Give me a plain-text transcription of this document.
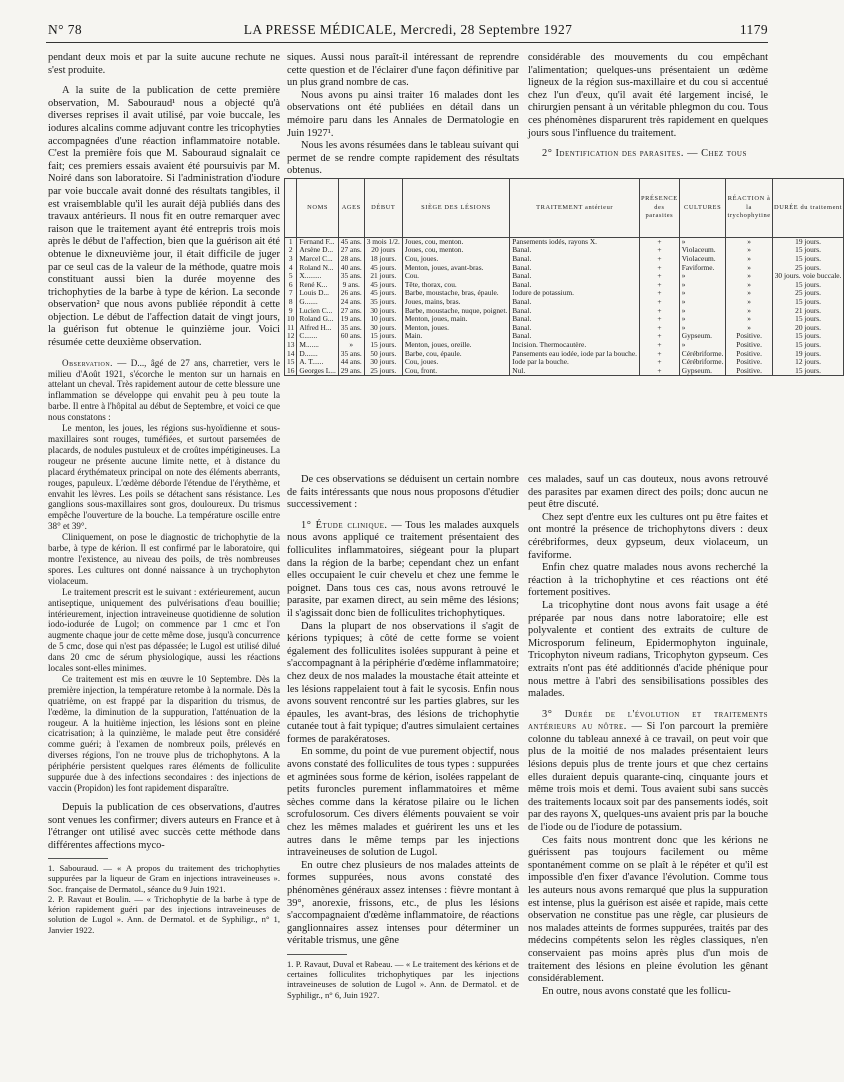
N° 78	LA PRESSE MÉDICALE, Mercredi, 28 Septembre 1927	1179

pendant deux mois et par la suite aucune rechute ne s'est produite.

A la suite de la publication de cette première observation, M. Sabouraud¹ nous a objecté qu'à diverses reprises il avait utilisé, par voie buccale, les iodures alcalins comme adjuvant contre les tricophyties accompagnées d'une réaction inflammatoire notable. C'est la première fois que M. Sabouraud signalait ce fait; ces premiers essais avaient été poursuivis par M. Noiré dans son laboratoire. Si l'administration d'iodure par voie buccale avait donné des résultats tangibles, il est vraisemblable qu'il les aurait déjà publiés dans des travaux antérieurs. Il nous fit en outre remarquer avec raison que le traitement ayant été entrepris trois mois après le début de l'affection, bien que la guérison ait été obtenue le dixneuvième jour, il était difficile de juger par ce seul cas de la valeur de la méthode, quatre mois constituant aussi bien la durée moyenne des trichophyties de la barbe à type de kérion. La seconde observation² que nous avons publiée répondit à cette objection. Le début de l'affection datait de vingt jours, la guérison fut obtenue le quinzième jour. Voici résumée cette deuxième observation.

Observation. — D..., âgé de 27 ans, charretier, vers le milieu d'Août 1921, s'écorche le menton sur un harnais en attelant un cheval. Très rapidement autour de cette blessure une inflammation se développe qui envahit peu à peu toute la barbe. Il entre à l'hôpital au début de Septembre, et voici ce que nous constatons :

Le menton, les joues, les régions sus-hyoïdienne et sous-maxillaires sont rouges, tuméfiées, et surtout parsemées de placards, de nodules pustuleux et de croûtes impétigineuses. La rougeur ne présente aucune limite nette, et à distance du placard érythémateux principal on note des éléments aberrants, rouges, papuleux. L'œdème déborde l'étendue de l'érythème, et envahit les lèvres. Les poils se détachent sans résistance. Les ganglions sous-maxillaires sont gros, douloureux. Du trismus empêche l'ouverture de la bouche. La température oscille entre 38° et 39°.

Cliniquement, on pose le diagnostic de trichophytie de la barbe, à type de kérion. Il est confirmé par le laboratoire, qui montre l'existence, au niveau des poils, de très nombreuses spores. Les cultures ont donné naissance à un trychophyton violaceum.

Le traitement prescrit est le suivant : extérieurement, aucun antiseptique, uniquement des pulvérisations d'eau bouillie; intérieurement, injection intraveineuse quotidienne de solution iodo-iodurée de Lugol; on commence par 1 cmc et l'on augmente chaque jour de cette même dose, jusqu'à concurrence de 5 cmc, dose qui n'est pas dépassée; le Lugol est utilisé dilué dans 20 cmc de sérum physiologique, aussi les réactions locales sont-elles minimes.

Ce traitement est mis en œuvre le 10 Septembre. Dès la première injection, la température retombe à la normale. Dès la quatrième, on est frappé par la disparition du trismus, de l'œdème, la diminution de la suppuration, l'atténuation de la rougeur. A la huitième injection, les lésions sont en pleine cicatrisation; à la quinzième, le malade peut être considéré comme guéri; à l'examen de nombreux poils, prélevés en diverses régions, l'on ne trouve plus de trichophytons. A la périphérie persistent quelques rares éléments de folliculite suppurée due à des infections secondaires : des injections de vaccin (Propidon) les font rapidement disparaître.

Depuis la publication de ces observations, d'autres sont venues les confirmer; divers auteurs en France et à l'étranger ont utilisé avec succès cette méthode dans différentes affections myco-

1. Sabouraud. — « A propos du traitement des trichophyties suppurées par la liqueur de Gram en injections intraveineuses ». Soc. française de Dermatol., séance du 9 Juin 1921.

2. P. Ravaut et Boulin. — « Trichophytie de la barbe à type de kérion rapidement guéri par des injections intraveineuses de solution de Lugol ». Ann. de Dermatol. et de Syphiligr., n° 1, Janvier 1922.

siques. Aussi nous paraît-il intéressant de reprendre cette question et de l'éclairer d'une façon définitive par un plus grand nombre de cas.

Nous avons pu ainsi traiter 16 malades dont les observations ont été publiées en détail dans un mémoire paru dans les Annales de Dermatologie en Juin 1927¹.

Nous les avons résumées dans le tableau suivant qui permet de se rendre compte rapidement des résultats obtenus.

considérable des mouvements du cou empêchant l'alimentation; quelques-uns présentaient un œdème ligneux de la région sus-maxillaire et du cou si accentué chez l'un d'eux, qu'il avait été largement incisé, le chirurgien pensant à un véritable phlegmon du cou. Tous ces phénomènes disparurent très rapidement en quelques jours sous l'influence du traitement.

2° Identification des parasites. — Chez tous

	NOMS	AGES	DÉBUT	SIÈGE DES LÉSIONS	TRAITEMENT antérieur	PRÉSENCE des parasites	CULTURES	RÉACTION à la trychophytine	DURÉE du traitement
1	Fernand F...	45 ans.	3 mois 1/2.	Joues, cou, menton.	Pansements iodés, rayons X.	+	»	»	19 jours.
2	Arsène D...	27 ans.	20 jours	Joues, cou, menton.	Banal.	+	Violaceum.	»	15 jours.
3	Marcel C...	28 ans.	18 jours.	Cou, joues.	Banal.	+	Violaceum.	»	15 jours.
4	Roland N...	40 ans.	45 jours.	Menton, joues, avant-bras.	Banal.	+	Faviforme.	»	25 jours.
5	X.........	35 ans.	21 jours.	Cou.	Banal.	+	»	»	30 jours. voie buccale.
6	René K...	9 ans.	45 jours.	Tête, thorax, cou.	Banal.	+	»	»	15 jours.
7	Louis D...	26 ans.	45 jours.	Barbe, moustache, bras, épaule.	Iodure de potassium.	+	»	»	25 jours.
8	G.......	24 ans.	35 jours.	Joues, mains, bras.	Banal.	+	»	»	15 jours.
9	Lucien C...	27 ans.	30 jours.	Barbe, moustache, nuque, poignet.	Banal.	+	»	»	21 jours.
10	Roland G...	19 ans.	10 jours.	Menton, joues, main.	Banal.	+	»	»	15 jours.
11	Alfred H...	35 ans.	30 jours.	Menton, joues.	Banal.	+	»	»	20 jours.
12	C.......	60 ans.	15 jours.	Main.	Banal.	+	Gypseum.	Positive.	15 jours.
13	M.......	»	15 jours.	Menton, joues, oreille.	Incision. Thermocautère.	+	»	Positive.	15 jours.
14	D.......	35 ans.	50 jours.	Barbe, cou, épaule.	Pansements eau iodée, iode par la bouche.	+	Cérébriforme.	Positive.	19 jours.
15	A. T......	44 ans.	30 jours.	Cou, joues.	Iode par la bouche.	+	Cérébriforme.	Positive.	12 jours.
16	Georges L...	29 ans.	25 jours.	Cou, front.	Nul.	+	Gypseum.	Positive.	15 jours.

De ces observations se déduisent un certain nombre de faits intéressants que nous nous proposons d'étudier successivement :

1° Étude clinique. — Tous les malades auxquels nous avons appliqué ce traitement présentaient des folliculites inflammatoires, siégeant pour la plupart dans la région de la barbe; cependant chez un enfant elles occupaient le cuir chevelu et chez une femme le poignet. Dans tous ces cas, nous avons retrouvé le parasite, par examen direct, au sein même des lésions; il s'agissait donc bien de folliculites trichophytiques.

Dans la plupart de nos observations il s'agit de kérions typiques; à côté de cette forme se voient également des folliculites isolées suppurant à peine et s'accompagnant à la périphérie d'œdème inflammatoire; chez deux de nos malades la moustache était atteinte et les lésions rappelaient tout à fait le sycosis. Enfin nous avons souvent rencontré sur les parties glabres, sur les épaules, les avant-bras, des lésions de trichophytie cutanée tout à fait typique; d'autres simulaient certaines formes de parakératoses.

En somme, du point de vue purement objectif, nous avons constaté des folliculites de tous types : suppurées et agminées sous forme de kérion, isolées rappelant de petits furoncles purement inflammatoires et même sèches comme dans la kératose pilaire ou le lichen scrofulosorum. Ces divers éléments pouvaient se voir chez les mêmes malades et guérirent les uns et les autres dans le même temps par les injections intraveineuses de solution de Lugol.

En outre chez plusieurs de nos malades atteints de formes suppurées, nous avons constaté des phénomènes généraux assez intenses : fièvre montant à 39°, anorexie, frissons, etc., de plus les lésions s'accompagnaient d'œdème inflammatoire, de réactions ganglionnaires assez intenses pour déterminer un véritable trismus, une gêne

1. P. Ravaut, Duval et Rabeau. — « Le traitement des kérions et de certaines folliculites trichophytiques par les injections intraveineuses de solution de Lugol ». Ann. de Dermatol. et de Syphiligr., n° 6, Juin 1927.

ces malades, sauf un cas douteux, nous avons retrouvé des parasites par examen direct des poils; donc aucun ne peut être discuté.

Chez sept d'entre eux les cultures ont pu être faites et ont montré la présence de trichophytons divers : deux cérébriformes, deux gypseum, deux violaceum, un faviforme.

Enfin chez quatre malades nous avons recherché la réaction à la trichophytine et ces réactions ont été fortement positives.

La tricophytine dont nous avons fait usage a été préparée par nous dans notre laboratoire; elle est polyvalente et contient des extraits de culture de Microsporum felineum, Epidermophyton inguinale, Tricophyton niveum radians, Tricophyton gypseum. Ces extraits n'ont pas été additionnés d'acide phénique pour nous mettre à l'abri des sensibilisations possibles des malades.

3° Durée de l'évolution et traitements antérieurs au nôtre. — Si l'on parcourt la première colonne du tableau annexé à ce travail, on peut voir que plus de la moitié de nos malades présentaient leurs lésions depuis plus de trente jours et que chez certains elles duraient depuis quarante-cinq, cinquante jours et même trois mois et demi. Tous avaient subi sans succès des traitements locaux soit par des pansements iodés, soit par des rayons X, quelques-uns avaient pris par la bouche de l'iode ou de l'iodure de potassium.

Ces faits nous montrent donc que les kérions ne guérissent pas toujours facilement ou même spontanément comme on se plaît à le répéter et qu'il est impossible d'en fixer d'avance l'évolution. Comme tous les auteurs nous avons remarqué que plus la suppuration est intense, plus la guérison est aisée et rapide, mais cette observation ne constitue pas une règle, car plusieurs de nos malades atteints de formes suppurées, traités par des médecins compétents selon les règles classiques, n'en conservaient pas moins après plus d'un mois de traitement des lésions en pleine évolution les gênant considérablement.

En outre, nous avons constaté que les follicu-
